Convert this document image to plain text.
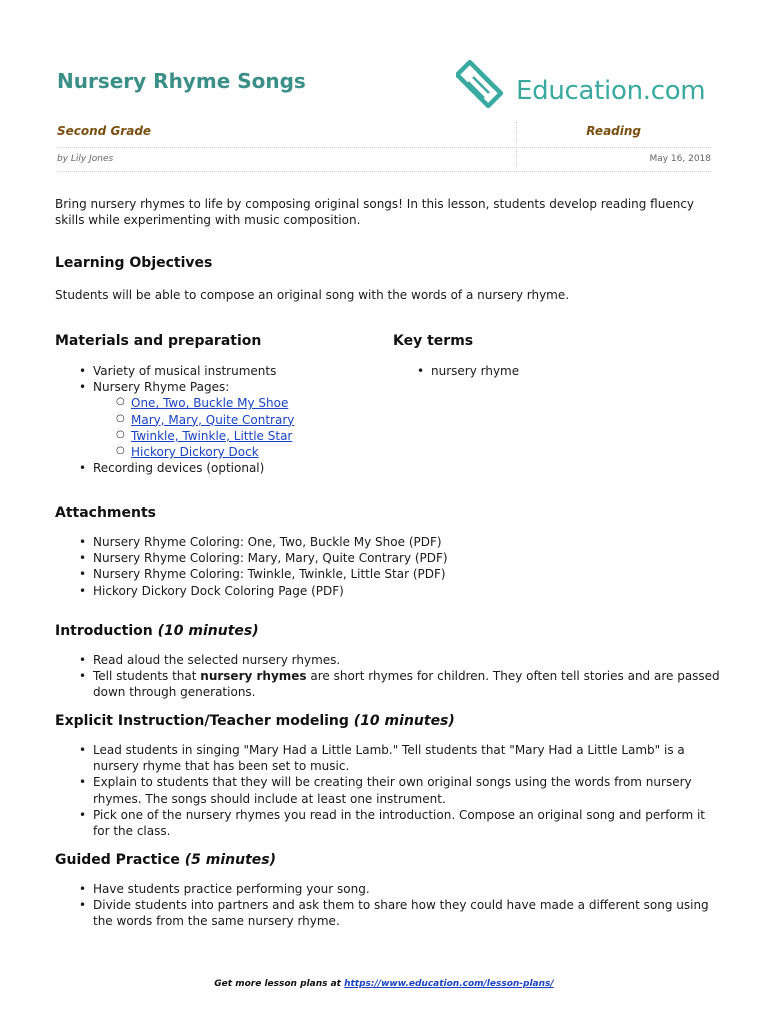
Nursery Rhyme Songs	Education.com
Second Grade	Reading
by Lily Jones	May 16, 2018
Bring nursery rhymes to life by composing original songs! In this lesson, students develop reading fluency skills while experimenting with music composition.
Learning Objectives
Students will be able to compose an original song with the words of a nursery rhyme.
Materials and preparation
• Variety of musical instruments
• Nursery Rhyme Pages:
○ One, Two, Buckle My Shoe
○ Mary, Mary, Quite Contrary
○ Twinkle, Twinkle, Little Star
○ Hickory Dickory Dock
• Recording devices (optional)
Key terms
• nursery rhyme
Attachments
• Nursery Rhyme Coloring: One, Two, Buckle My Shoe (PDF)
• Nursery Rhyme Coloring: Mary, Mary, Quite Contrary (PDF)
• Nursery Rhyme Coloring: Twinkle, Twinkle, Little Star (PDF)
• Hickory Dickory Dock Coloring Page (PDF)
Introduction (10 minutes)
• Read aloud the selected nursery rhymes.
• Tell students that nursery rhymes are short rhymes for children. They often tell stories and are passed down through generations.
Explicit Instruction/Teacher modeling (10 minutes)
• Lead students in singing "Mary Had a Little Lamb." Tell students that "Mary Had a Little Lamb" is a nursery rhyme that has been set to music.
• Explain to students that they will be creating their own original songs using the words from nursery rhymes. The songs should include at least one instrument.
• Pick one of the nursery rhymes you read in the introduction. Compose an original song and perform it for the class.
Guided Practice (5 minutes)
• Have students practice performing your song.
• Divide students into partners and ask them to share how they could have made a different song using the words from the same nursery rhyme.
Get more lesson plans at https://www.education.com/lesson-plans/
